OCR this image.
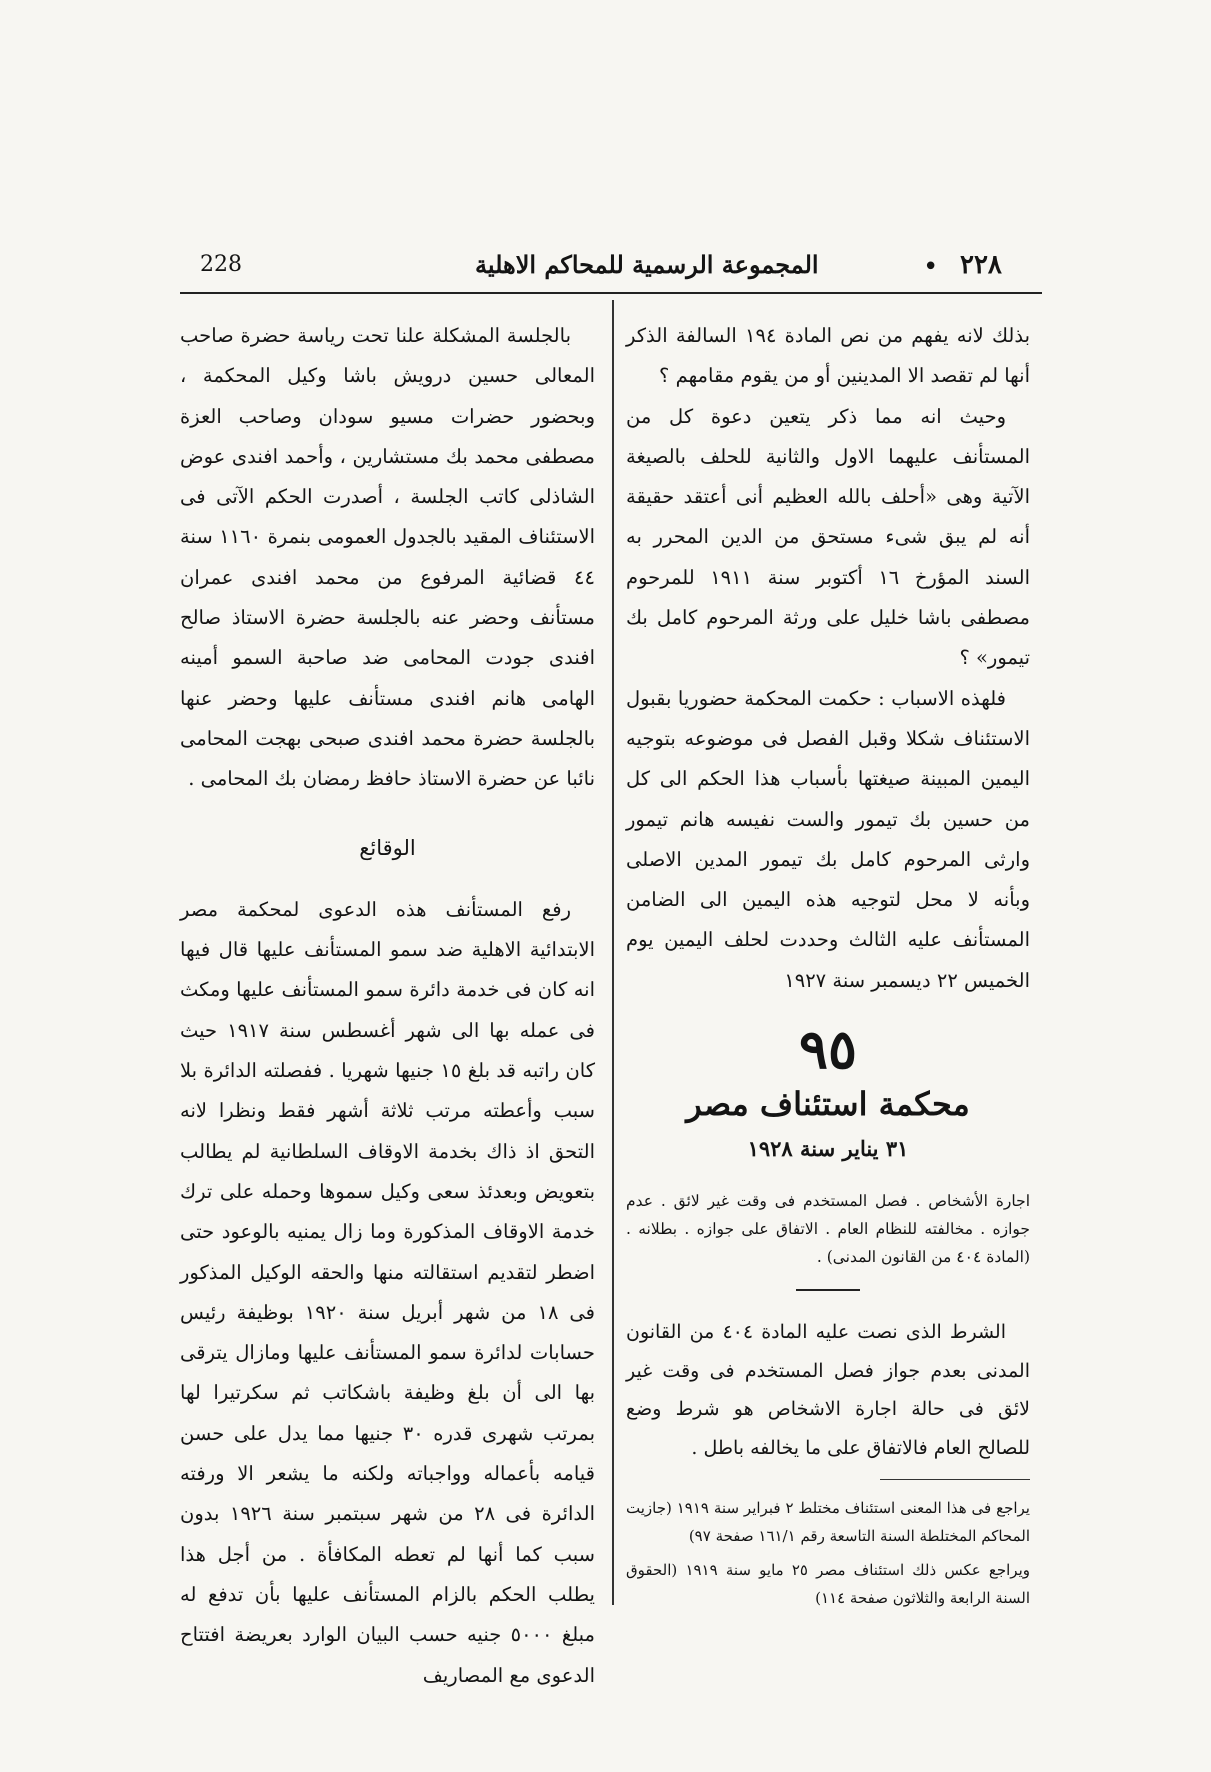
228	المجموعة الرسمية للمحاكم الاهلية	• ٢٢٨

بذلك لانه يفهم من نص المادة ١٩٤ السالفة الذكر أنها لم تقصد الا المدينين أو من يقوم مقامهم ؟

وحيث انه مما ذكر يتعين دعوة كل من المستأنف عليهما الاول والثانية للحلف بالصيغة الآتية وهى «أحلف بالله العظيم أنى أعتقد حقيقة أنه لم يبق شىء مستحق من الدين المحرر به السند المؤرخ ١٦ أكتوبر سنة ١٩١١ للمرحوم مصطفى باشا خليل على ورثة المرحوم كامل بك تيمور» ؟

فلهذه الاسباب : حكمت المحكمة حضوريا بقبول الاستئناف شكلا وقبل الفصل فى موضوعه بتوجيه اليمين المبينة صيغتها بأسباب هذا الحكم الى كل من حسين بك تيمور والست نفيسه هانم تيمور وارثى المرحوم كامل بك تيمور المدين الاصلى وبأنه لا محل لتوجيه هذه اليمين الى الضامن المستأنف عليه الثالث وحددت لحلف اليمين يوم الخميس ٢٢ ديسمبر سنة ١٩٢٧

٩٥
محكمة استئناف مصر
٣١ يناير سنة ١٩٢٨

اجارة الأشخاص . فصل المستخدم فى وقت غير لائق . عدم جوازه . مخالفته للنظام العام . الاتفاق على جوازه . بطلانه . (المادة ٤٠٤ من القانون المدنى) .

الشرط الذى نصت عليه المادة ٤٠٤ من القانون المدنى بعدم جواز فصل المستخدم فى وقت غير لائق فى حالة اجارة الاشخاص هو شرط وضع للصالح العام فالاتفاق على ما يخالفه باطل .

يراجع فى هذا المعنى استئناف مختلط ٢ فبراير سنة ١٩١٩ (جازيت المحاكم المختلطة السنة التاسعة رقم ١٦١/١ صفحة ٩٧)

ويراجع عكس ذلك استئناف مصر ٢٥ مايو سنة ١٩١٩ (الحقوق السنة الرابعة والثلاثون صفحة ١١٤)

بالجلسة المشكلة علنا تحت رياسة حضرة صاحب المعالى حسين درويش باشا وكيل المحكمة ، وبحضور حضرات مسيو سودان وصاحب العزة مصطفى محمد بك مستشارين ، وأحمد افندى عوض الشاذلى كاتب الجلسة ، أصدرت الحكم الآتى فى الاستئناف المقيد بالجدول العمومى بنمرة ١١٦٠ سنة ٤٤ قضائية المرفوع من محمد افندى عمران مستأنف وحضر عنه بالجلسة حضرة الاستاذ صالح افندى جودت المحامى ضد صاحبة السمو أمينه الهامى هانم افندى مستأنف عليها وحضر عنها بالجلسة حضرة محمد افندى صبحى بهجت المحامى نائبا عن حضرة الاستاذ حافظ رمضان بك المحامى .

الوقائع

رفع المستأنف هذه الدعوى لمحكمة مصر الابتدائية الاهلية ضد سمو المستأنف عليها قال فيها انه كان فى خدمة دائرة سمو المستأنف عليها ومكث فى عمله بها الى شهر أغسطس سنة ١٩١٧ حيث كان راتبه قد بلغ ١٥ جنيها شهريا . ففصلته الدائرة بلا سبب وأعطته مرتب ثلاثة أشهر فقط ونظرا لانه التحق اذ ذاك بخدمة الاوقاف السلطانية لم يطالب بتعويض وبعدئذ سعى وكيل سموها وحمله على ترك خدمة الاوقاف المذكورة وما زال يمنيه بالوعود حتى اضطر لتقديم استقالته منها والحقه الوكيل المذكور فى ١٨ من شهر أبريل سنة ١٩٢٠ بوظيفة رئيس حسابات لدائرة سمو المستأنف عليها ومازال يترقى بها الى أن بلغ وظيفة باشكاتب ثم سكرتيرا لها بمرتب شهرى قدره ٣٠ جنيها مما يدل على حسن قيامه بأعماله وواجباته ولكنه ما يشعر الا ورفته الدائرة فى ٢٨ من شهر سبتمبر سنة ١٩٢٦ بدون سبب كما أنها لم تعطه المكافأة . من أجل هذا يطلب الحكم بالزام المستأنف عليها بأن تدفع له مبلغ ٥٠٠٠ جنيه حسب البيان الوارد بعريضة افتتاح الدعوى مع المصاريف
